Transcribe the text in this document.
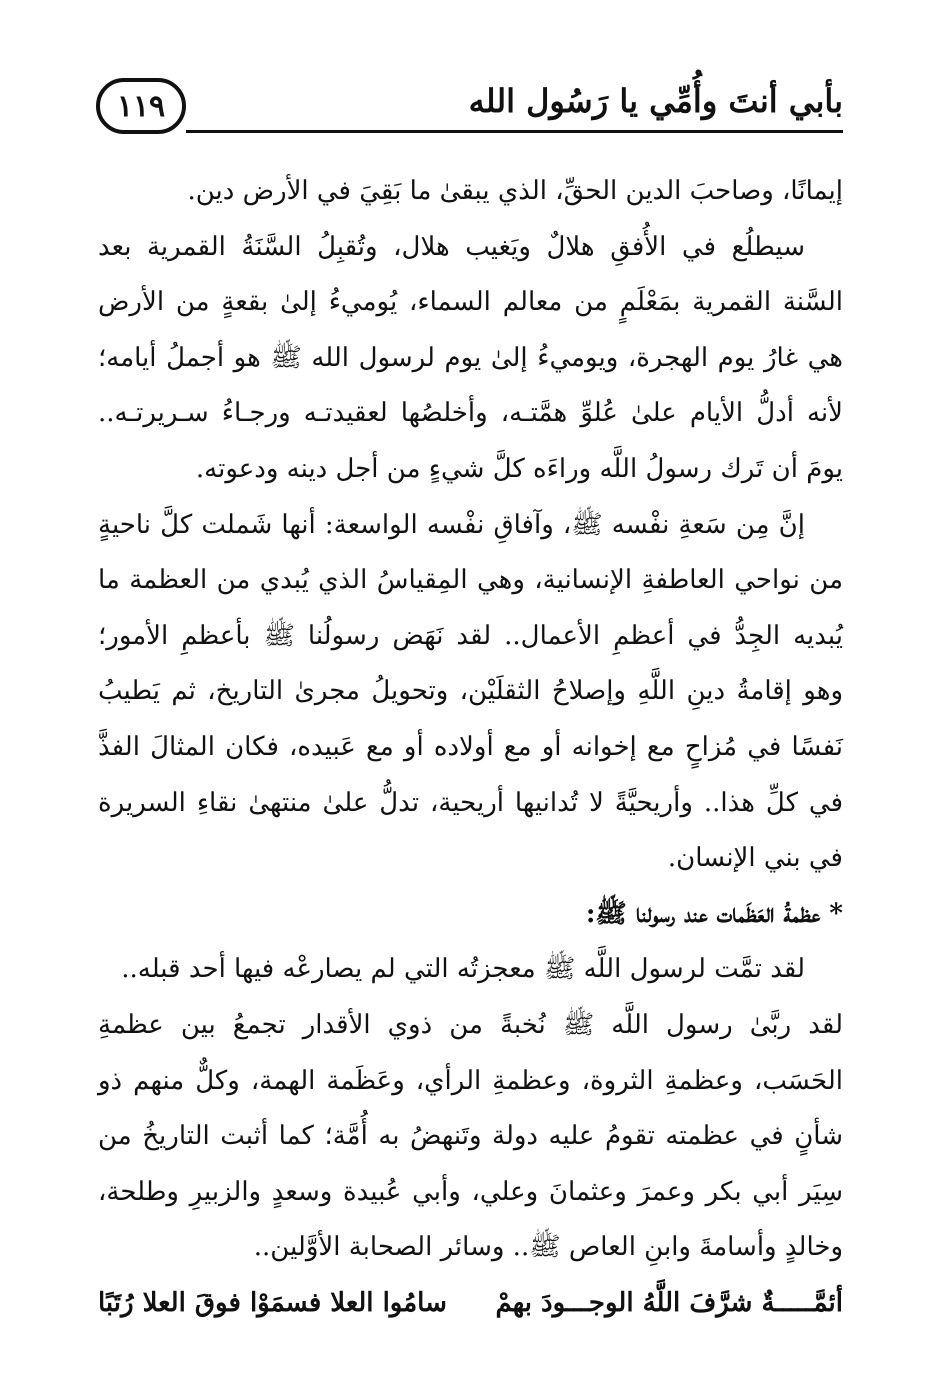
بأبي أنتَ وأُمِّي يا رَسُول الله
١١٩

إيمانًا، وصاحبَ الدين الحقِّ، الذي يبقىٰ ما بَقِيَ في الأرض دين.

سيطلُع في الأُفقِ هلالٌ ويَغيب هلال، وتُقبِلُ السَّنَةُ القمرية بعد السَّنة القمرية بمَعْلَمٍ من معالم السماء، يُوميءُ إلىٰ بقعةٍ من الأرض هي غارُ يوم الهجرة، ويوميءُ إلىٰ يوم لرسول الله ﷺ هو أجملُ أيامه؛ لأنه أدلُّ الأيام علىٰ عُلوِّ همَّتـه، وأخلصُها لعقيدتـه ورجـاءُ سـريرتـه.. يومَ أن تَرك رسولُ اللَّه وراءَه كلَّ شيءٍ من أجل دينه ودعوته.

إنَّ مِن سَعةِ نفْسه ﷺ، وآفاقِ نفْسه الواسعة: أنها شَملت كلَّ ناحيةٍ من نواحي العاطفةِ الإنسانية، وهي المِقياسُ الذي يُبدي من العظمة ما يُبديه الجِدُّ في أعظمِ الأعمال.. لقد نَهَض رسولُنا ﷺ بأعظمِ الأمور؛ وهو إقامةُ دينِ اللَّهِ وإصلاحُ الثقلَيْن، وتحويلُ مجرىٰ التاريخ، ثم يَطيبُ نَفسًا في مُزاحٍ مع إخوانه أو مع أولاده أو مع عَبيده، فكان المثالَ الفذَّ في كلِّ هذا.. وأريحيَّةً لا تُدانيها أريحية، تدلُّ علىٰ منتهىٰ نقاءِ السريرة في بني الإنسان.

* عظمةُ العَظَمات عند رسولنا ﷺ:

لقد تمَّت لرسول اللَّه ﷺ معجزتُه التي لم يصارعْه فيها أحد قبله..

لقد ربَّىٰ رسول اللَّه ﷺ نُخبةً من ذوي الأقدار تجمعُ بين عظمةِ الحَسَب، وعظمةِ الثروة، وعظمةِ الرأي، وعَظَمة الهمة، وكلٌّ منهم ذو شأنٍ في عظمته تقومُ عليه دولة وتَنهضُ به أُمَّة؛ كما أثبت التاريخُ من سِيَر أبي بكر وعمرَ وعثمانَ وعلي، وأبي عُبيدة وسعدٍ والزبيرِ وطلحة، وخالدٍ وأسامةَ وابنِ العاص ﷺ.. وسائر الصحابة الأوَّلين..

أئمَّـــــةٌ شرَّفَ اللَّهُ الوجـــودَ بهمْ
سامُوا العلا فسمَوْا فوقَ العلا رُتَبًا
